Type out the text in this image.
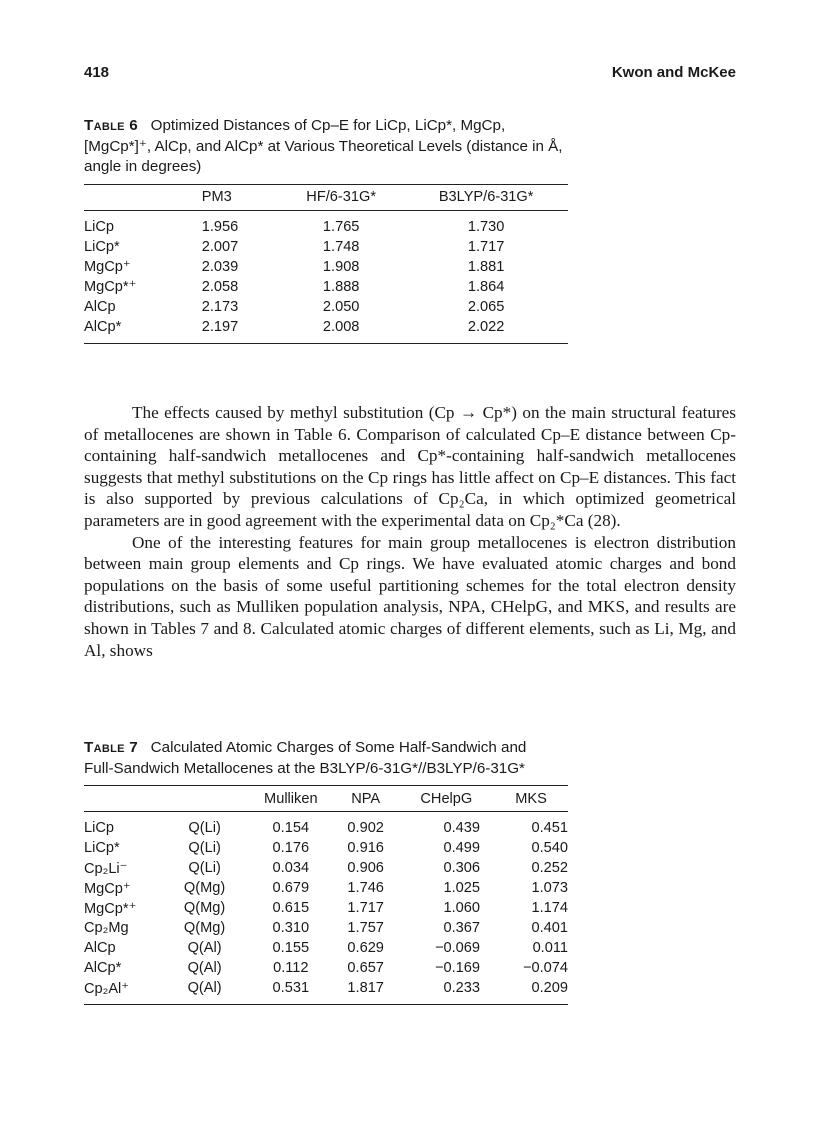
418	Kwon and McKee

Table 6 Optimized Distances of Cp–E for LiCp, LiCp*, MgCp, [MgCp*]⁺, AlCp, and AlCp* at Various Theoretical Levels (distance in Å, angle in degrees)

	PM3	HF/6-31G*	B3LYP/6-31G*
LiCp	1.956	1.765	1.730
LiCp*	2.007	1.748	1.717
MgCp⁺	2.039	1.908	1.881
MgCp*⁺	2.058	1.888	1.864
AlCp	2.173	2.050	2.065
AlCp*	2.197	2.008	2.022

The effects caused by methyl substitution (Cp → Cp*) on the main structural features of metallocenes are shown in Table 6. Comparison of calculated Cp–E distance between Cp-containing half-sandwich metallocenes and Cp*-containing half-sandwich metallocenes suggests that methyl substitutions on the Cp rings has little affect on Cp–E distances. This fact is also supported by previous calculations of Cp₂Ca, in which optimized geometrical parameters are in good agreement with the experimental data on Cp₂*Ca (28).

One of the interesting features for main group metallocenes is electron distribution between main group elements and Cp rings. We have evaluated atomic charges and bond populations on the basis of some useful partitioning schemes for the total electron density distributions, such as Mulliken population analysis, NPA, CHelpG, and MKS, and results are shown in Tables 7 and 8. Calculated atomic charges of different elements, such as Li, Mg, and Al, shows

Table 7 Calculated Atomic Charges of Some Half-Sandwich and Full-Sandwich Metallocenes at the B3LYP/6-31G*//B3LYP/6-31G*

		Mulliken	NPA	CHelpG	MKS
LiCp	Q(Li)	0.154	0.902	0.439	0.451
LiCp*	Q(Li)	0.176	0.916	0.499	0.540
Cp₂Li⁻	Q(Li)	0.034	0.906	0.306	0.252
MgCp⁺	Q(Mg)	0.679	1.746	1.025	1.073
MgCp*⁺	Q(Mg)	0.615	1.717	1.060	1.174
Cp₂Mg	Q(Mg)	0.310	1.757	0.367	0.401
AlCp	Q(Al)	0.155	0.629	−0.069	0.011
AlCp*	Q(Al)	0.112	0.657	−0.169	−0.074
Cp₂Al⁺	Q(Al)	0.531	1.817	0.233	0.209
